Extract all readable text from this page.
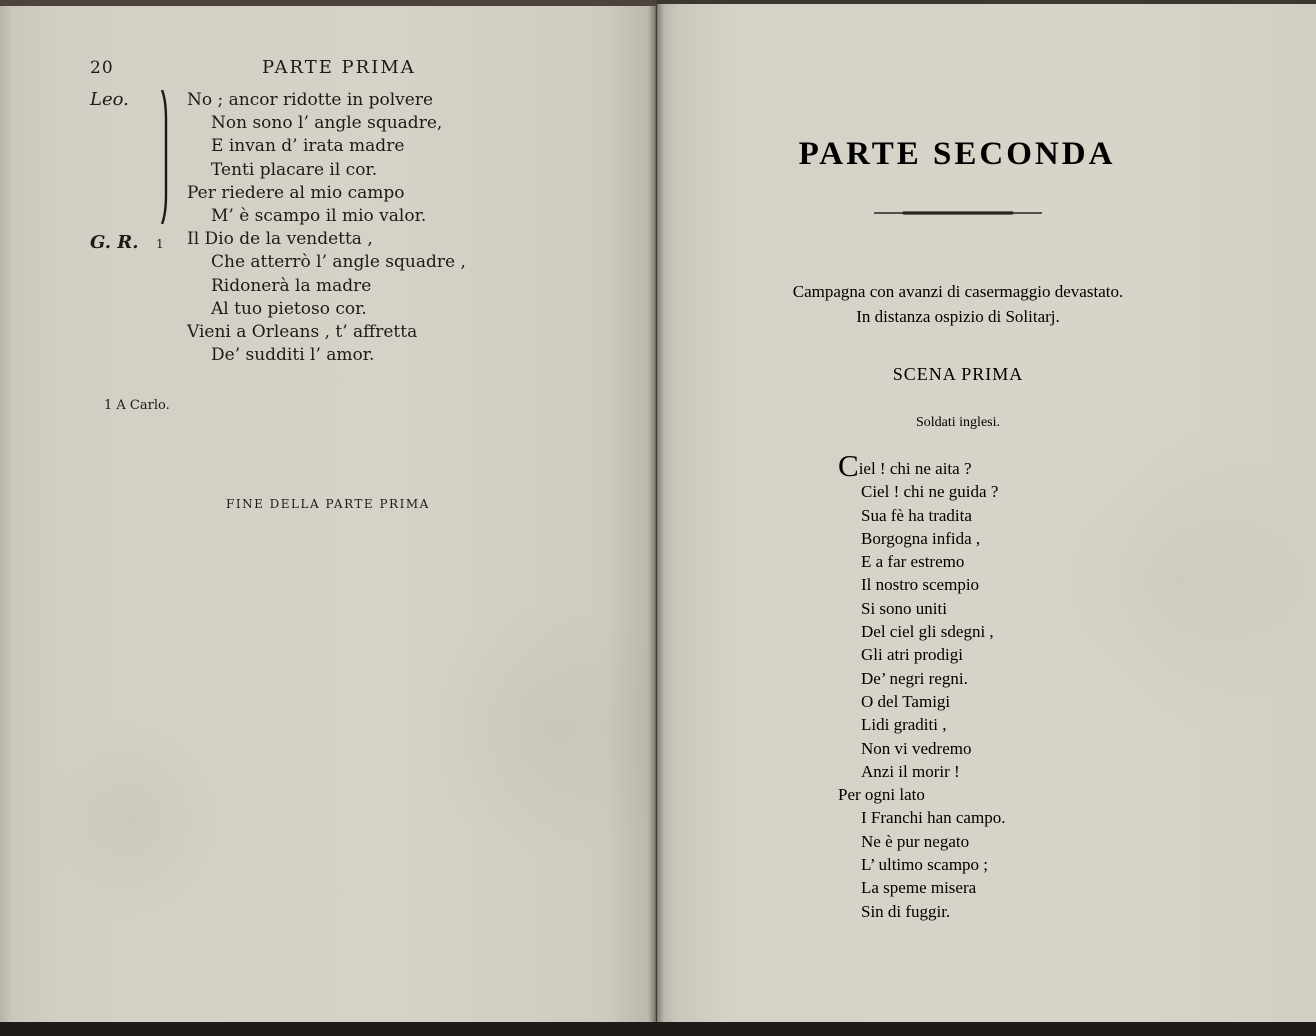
20	PARTE PRIMA
Leo.
G. R. 1
No ; ancor ridotte in polvere
Non sono l’ angle squadre,
E invan d’ irata madre
Tenti placare il cor.
Per riedere al mio campo
M’ è scampo il mio valor.
Il Dio de la vendetta ,
Che atterrò l’ angle squadre ,
Ridonerà la madre
Al tuo pietoso cor.
Vieni a Orleans , t’ affretta
De’ sudditi l’ amor.
1 A Carlo.
FINE DELLA PARTE PRIMA
PARTE SECONDA
Campagna con avanzi di casermaggio devastato.
In distanza ospizio di Solitarj.
SCENA PRIMA
Soldati inglesi.
Ciel ! chi ne aita ?
Ciel ! chi ne guida ?
Sua fè ha tradita
Borgogna infida ,
E a far estremo
Il nostro scempio
Si sono uniti
Del ciel gli sdegni ,
Gli atri prodigi
De’ negri regni.
O del Tamigi
Lidi graditi ,
Non vi vedremo
Anzi il morir !
Per ogni lato
I Franchi han campo.
Ne è pur negato
L’ ultimo scampo ;
La speme misera
Sin di fuggir.
